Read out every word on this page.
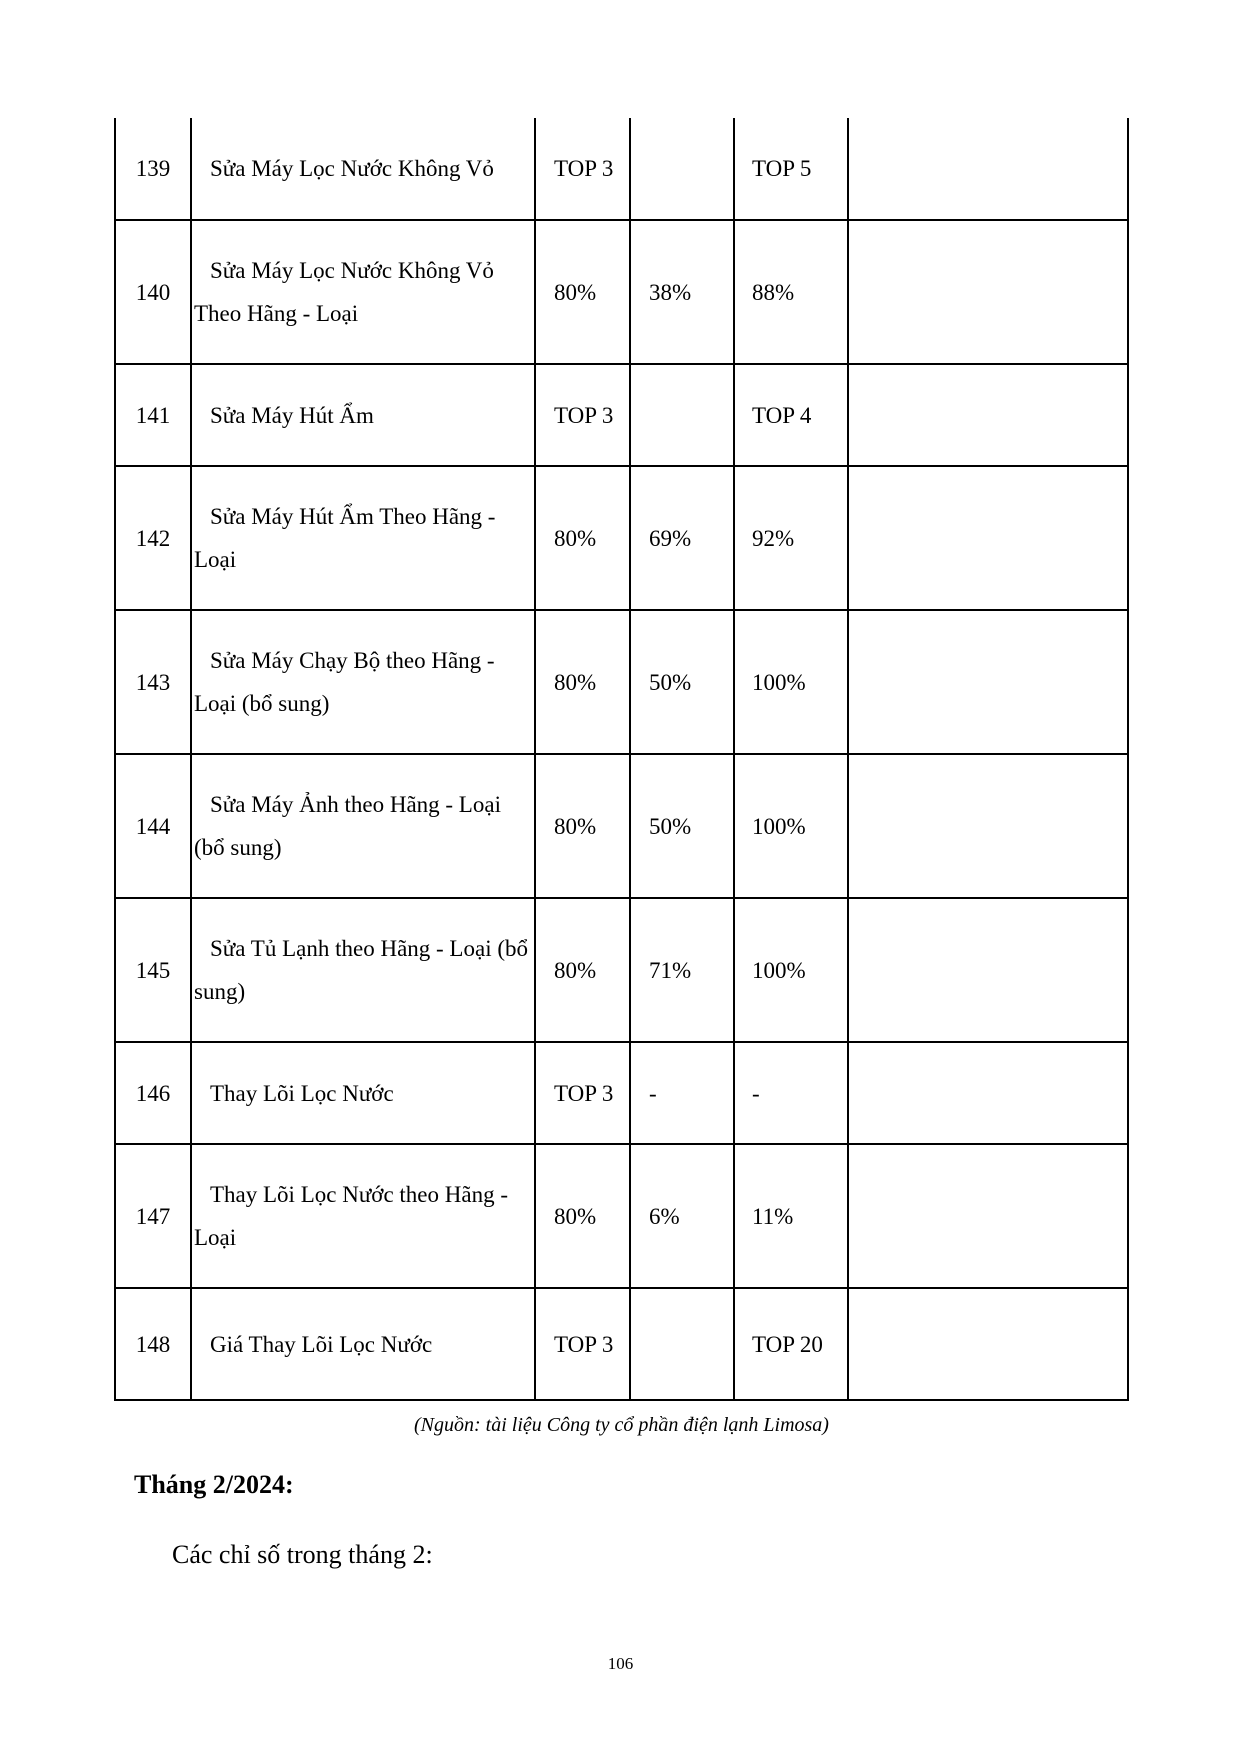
139	Sửa Máy Lọc Nước Không Vỏ	TOP 3		TOP 5	
140	Sửa Máy Lọc Nước Không Vỏ Theo Hãng - Loại	80%	38%	88%	
141	Sửa Máy Hút Ẩm	TOP 3		TOP 4	
142	Sửa Máy Hút Ẩm Theo Hãng - Loại	80%	69%	92%	
143	Sửa Máy Chạy Bộ theo Hãng - Loại (bổ sung)	80%	50%	100%	
144	Sửa Máy Ảnh theo Hãng - Loại (bổ sung)	80%	50%	100%	
145	Sửa Tủ Lạnh theo Hãng - Loại (bổ sung)	80%	71%	100%	
146	Thay Lõi Lọc Nước	TOP 3	-	-	
147	Thay Lõi Lọc Nước theo Hãng - Loại	80%	6%	11%	
148	Giá Thay Lõi Lọc Nước	TOP 3		TOP 20	
(Nguồn: tài liệu Công ty cổ phần điện lạnh Limosa)
Tháng 2/2024:
Các chỉ số trong tháng 2:
106
